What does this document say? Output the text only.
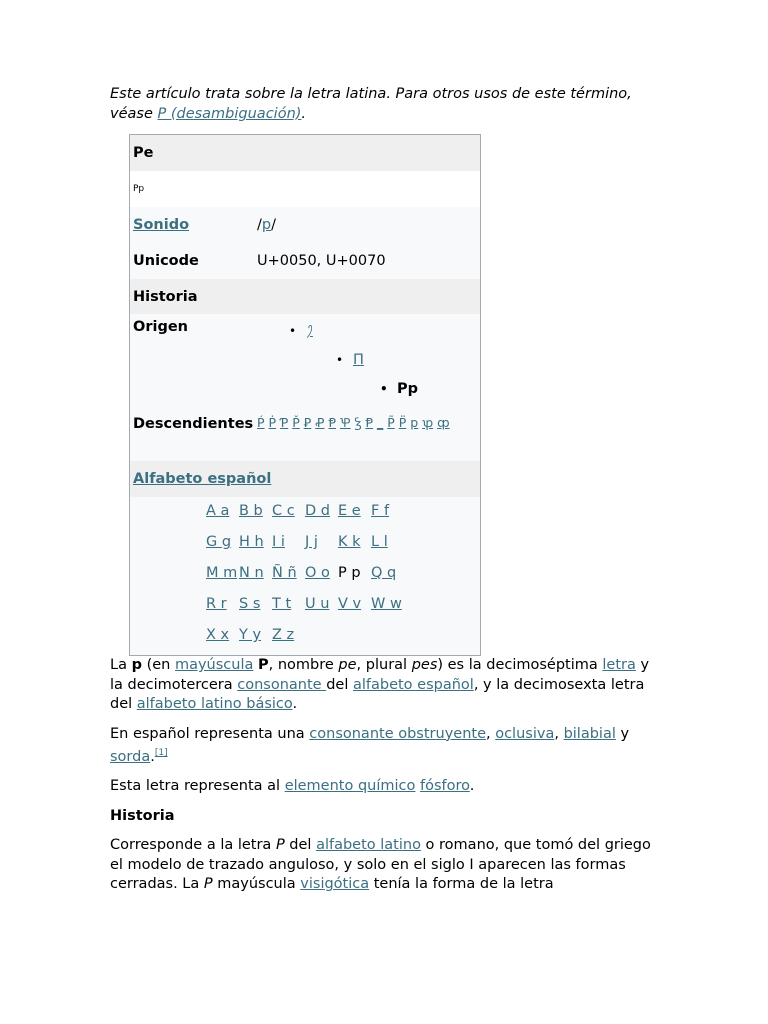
Este artículo trata sobre la letra latina. Para otros usos de este término, véase P (desambiguación).
Pe
Pp
Sonido	/p/
Unicode	U+0050, U+0070
Historia
Origen
•	𐤐
• Π
• Pp
Descendientes Ṕ Ṗ Ƥ P̌ Ꝑ Ꝓ Ᵽ Ꝕ Ꝣ Ᵽ _ P̃ P̈ p ꝕ ȹ
Alfabeto español
A a B b C c D d E e F f
G g H h I i	J j	K k L l
M m N n Ñ ñ O o P p Q q
R r S s T t U u V v W w
X x Y y Z z

La p (en mayúscula P, nombre pe, plural pes) es la decimoséptima letra y la decimotercera consonante del alfabeto español, y la decimosexta letra del alfabeto latino básico.

En español representa una consonante obstruyente, oclusiva, bilabial y sorda.[1]

Esta letra representa al elemento químico fósforo.

Historia

Corresponde a la letra P del alfabeto latino o romano, que tomó del griego el modelo de trazado anguloso, y solo en el siglo I aparecen las formas cerradas. La P mayúscula visigótica tenía la forma de la letra
